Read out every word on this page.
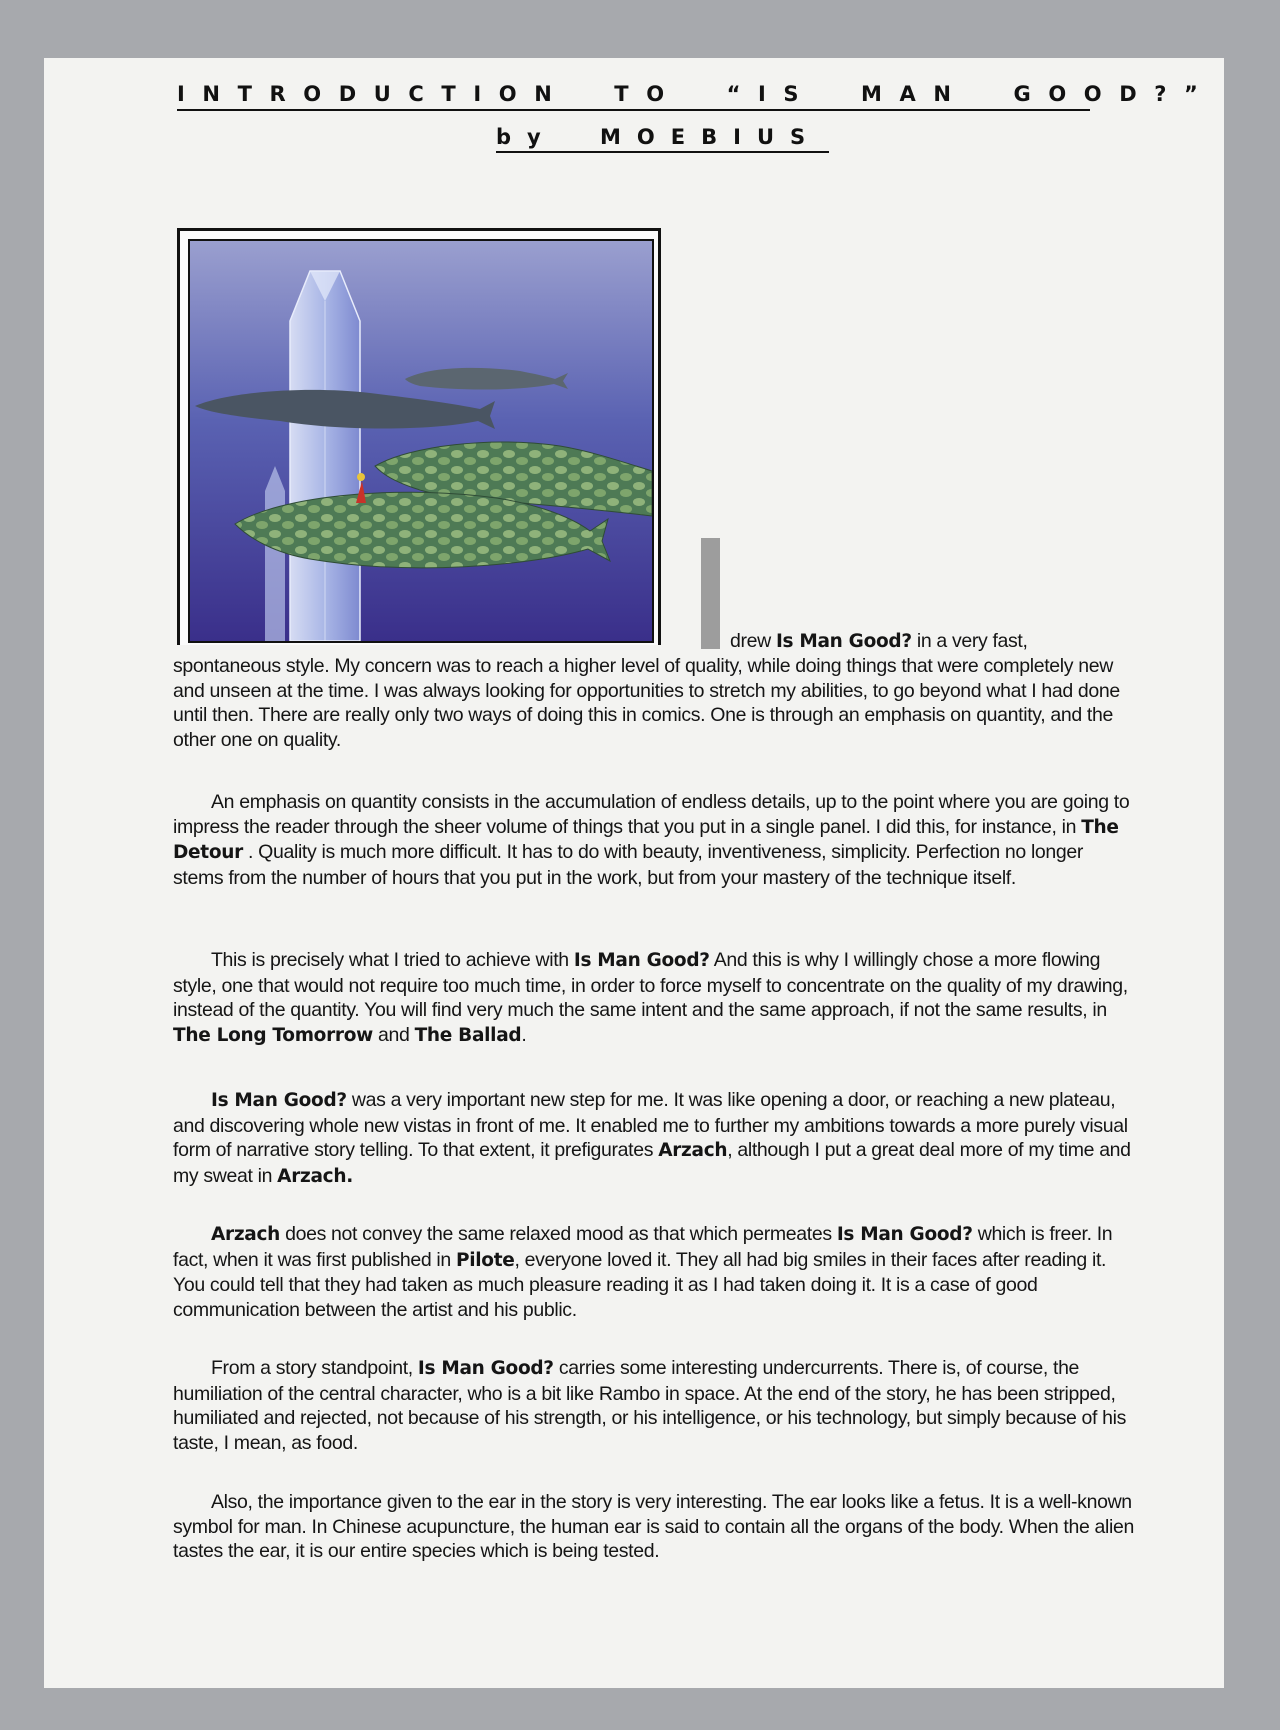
INTRODUCTION TO “IS MAN GOOD?”
by MOEBIUS

drew Is Man Good? in a very fast,

spontaneous style. My concern was to reach a higher level of quality, while doing things that were completely new and unseen at the time. I was always looking for opportunities to stretch my abilities, to go beyond what I had done until then. There are really only two ways of doing this in comics. One is through an emphasis on quantity, and the other one on quality.

An emphasis on quantity consists in the accumulation of endless details, up to the point where you are going to impress the reader through the sheer volume of things that you put in a single panel. I did this, for instance, in The Detour . Quality is much more difficult. It has to do with beauty, inventiveness, simplicity. Perfection no longer stems from the number of hours that you put in the work, but from your mastery of the technique itself.

This is precisely what I tried to achieve with Is Man Good? And this is why I willingly chose a more flowing style, one that would not require too much time, in order to force myself to concentrate on the quality of my drawing, instead of the quantity. You will find very much the same intent and the same approach, if not the same results, in The Long Tomorrow and The Ballad.

Is Man Good? was a very important new step for me. It was like opening a door, or reaching a new plateau, and discovering whole new vistas in front of me. It enabled me to further my ambitions towards a more purely visual form of narrative story telling. To that extent, it prefigurates Arzach, although I put a great deal more of my time and my sweat in Arzach.

Arzach does not convey the same relaxed mood as that which permeates Is Man Good? which is freer. In fact, when it was first published in Pilote, everyone loved it. They all had big smiles in their faces after reading it. You could tell that they had taken as much pleasure reading it as I had taken doing it. It is a case of good communication between the artist and his public.

From a story standpoint, Is Man Good? carries some interesting undercurrents. There is, of course, the humiliation of the central character, who is a bit like Rambo in space. At the end of the story, he has been stripped, humiliated and rejected, not because of his strength, or his intelligence, or his technology, but simply because of his taste, I mean, as food.

Also, the importance given to the ear in the story is very interesting. The ear looks like a fetus. It is a well-known symbol for man. In Chinese acupuncture, the human ear is said to contain all the organs of the body. When the alien tastes the ear, it is our entire species which is being tested.
